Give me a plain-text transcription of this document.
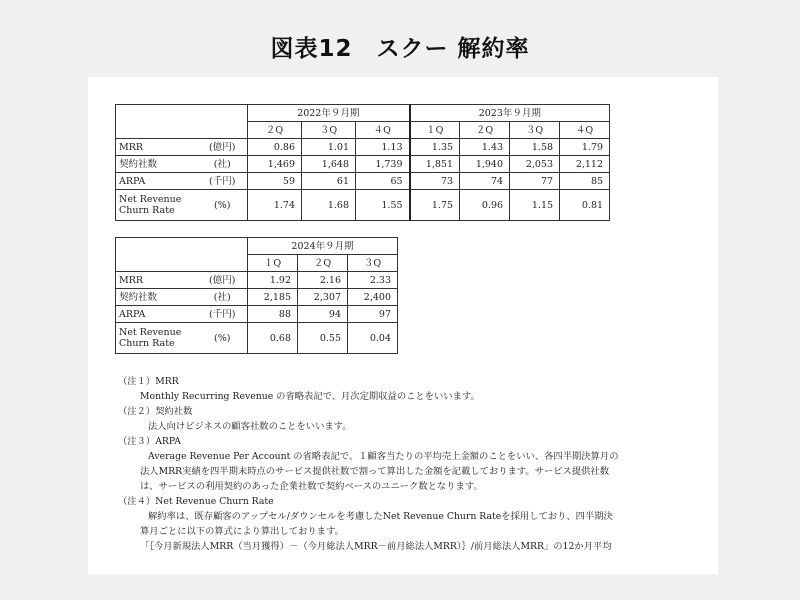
図表12　スクー 解約率
		2022年９月期			2023年９月期			
		２Q	３Q	４Q	１Q	２Q	３Q	４Q
MRR	(億円)	0.86	1.01	1.13	1.35	1.43	1.58	1.79
契約社数	(社)	1,469	1,648	1,739	1,851	1,940	2,053	2,112
ARPA	(千円)	59	61	65	73	74	77	85
Net Revenue
Churn Rate	(%)	1.74	1.68	1.55	1.75	0.96	1.15	0.81
		2024年９月期		
		１Q	２Q	３Q
MRR	(億円)	1.92	2.16	2.33
契約社数	(社)	2,185	2,307	2,400
ARPA	(千円)	88	94	97
Net Revenue
Churn Rate	(%)	0.68	0.55	0.04
（注１）MRR
Monthly Recurring Revenue の省略表記で、月次定期収益のことをいいます。
（注２）契約社数
法人向けビジネスの顧客社数のことをいいます。
（注３）ARPA
Average Revenue Per Account の省略表記で、１顧客当たりの平均売上金額のことをいい、各四半期決算月の
法人MRR実績を四半期末時点のサービス提供社数で割って算出した金額を記載しております。サービス提供社数
は、サービスの利用契約のあった企業社数で契約ベースのユニーク数となります。
（注４）Net Revenue Churn Rate
解約率は、既存顧客のアップセル/ダウンセルを考慮したNet Revenue Churn Rateを採用しており、四半期決
算月ごとに以下の算式により算出しております。
「｛今月新規法人MRR（当月獲得）－（今月総法人MRR－前月総法人MRR）｝/前月総法人MRR」の12か月平均
